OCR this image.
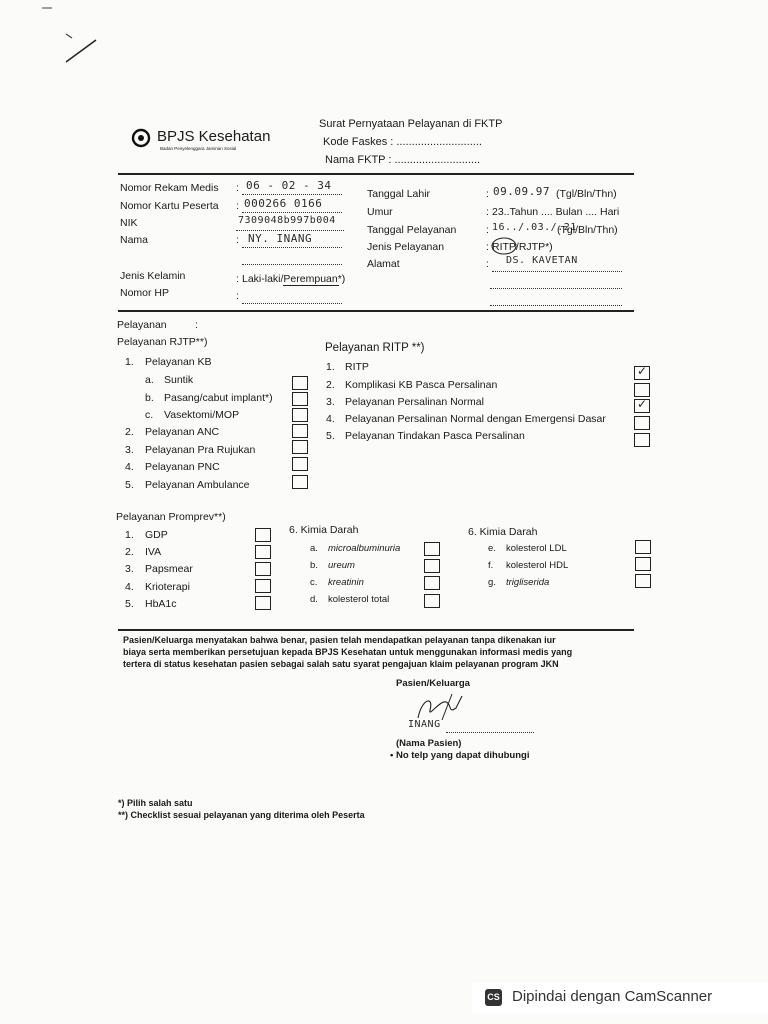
BPJS Kesehatan
Badan Penyelenggara Jaminan Sosial
Surat Pernyataan Pelayanan di FKTP
Kode Faskes : ............................
Nama FKTP : ............................
Nomor Rekam Medis
Nomor Kartu Peserta
NIK
Nama
Jenis Kelamin
Nomor HP
: 06 - 02 - 34
: 000266 0166
7309048b997b004
: NY. INANG
: Laki-laki/Perempuan*)
:
Tanggal Lahir
Umur
Tanggal Pelayanan
Jenis Pelayanan
Alamat
: 09.09.97 (Tgl/Bln/Thn)
: 23..Tahun .... Bulan .... Hari
: 16../.03./.21
(Tgl/Bln/Thn)
: RITP/RJTP*)
: DS. KAVETAN
Pelayanan	:
Pelayanan RJTP**)
1. Pelayanan KB
a. Suntik
b. Pasang/cabut implant*)
c. Vasektomi/MOP
2. Pelayanan ANC
3. Pelayanan Pra Rujukan
4. Pelayanan PNC
5. Pelayanan Ambulance
Pelayanan RITP **)
1. RITP
2. Komplikasi KB Pasca Persalinan
3. Pelayanan Persalinan Normal
4. Pelayanan Persalinan Normal dengan Emergensi Dasar
5. Pelayanan Tindakan Pasca Persalinan
✓
✓
Pelayanan Promprev**)
1. GDP
2. IVA
3. Papsmear
4. Krioterapi
5. HbA1c
6. Kimia Darah
a. microalbuminuria
b. ureum
c. kreatinin
d. kolesterol total
6. Kimia Darah
e. kolesterol LDL
f. kolesterol HDL
g. trigliserida
Pasien/Keluarga menyatakan bahwa benar, pasien telah mendapatkan pelayanan tanpa dikenakan iur
biaya serta memberikan persetujuan kepada BPJS Kesehatan untuk menggunakan informasi medis yang
tertera di status kesehatan pasien sebagai salah satu syarat pengajuan klaim pelayanan program JKN
Pasien/Keluarga
INANG
(Nama Pasien)
• No telp yang dapat dihubungi
*) Pilih salah satu
**) Checklist sesuai pelayanan yang diterima oleh Peserta
CS Dipindai dengan CamScanner
